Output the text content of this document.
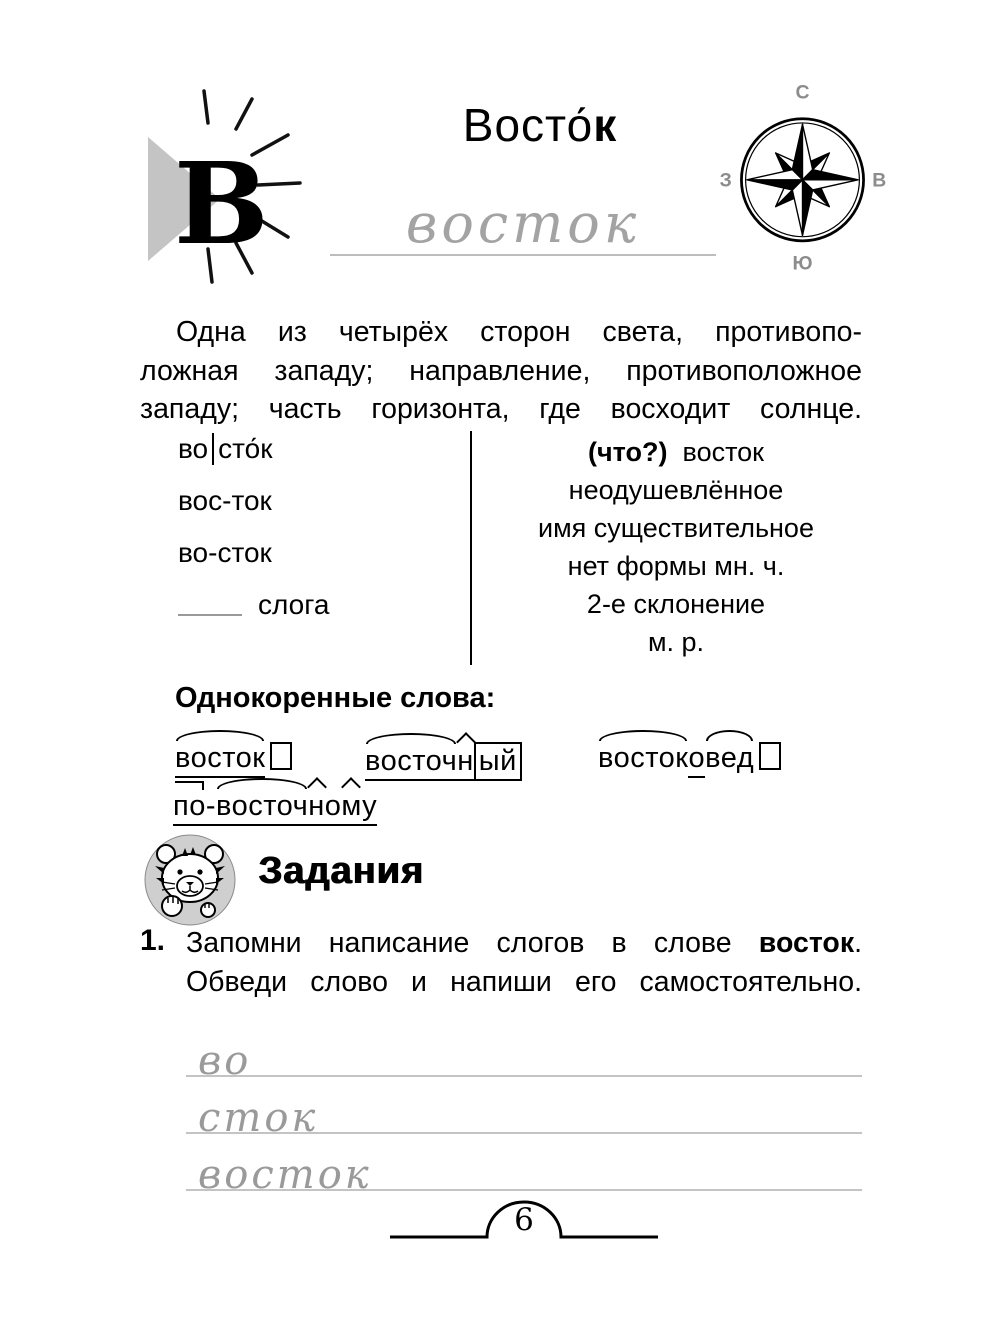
В
Восто́к
восток
С
В
Ю
З
Одна из четырёх сторон света, противопо-
ложная западу; направление, противоположное
западу; часть горизонта, где восходит солнце.
во сто́к
вос-ток
во-сток
слога
(что?) восток
неодушевлённое
имя существительное
нет формы мн. ч.
2-е склонение
м. р.
Однокоренные слова:
восток	восточн ый	востоковед
по-восточному
Задания
1. Запомни написание слогов в слове восток.
Обведи слово и напиши его самостоятельно.
во
сток
восток
6
